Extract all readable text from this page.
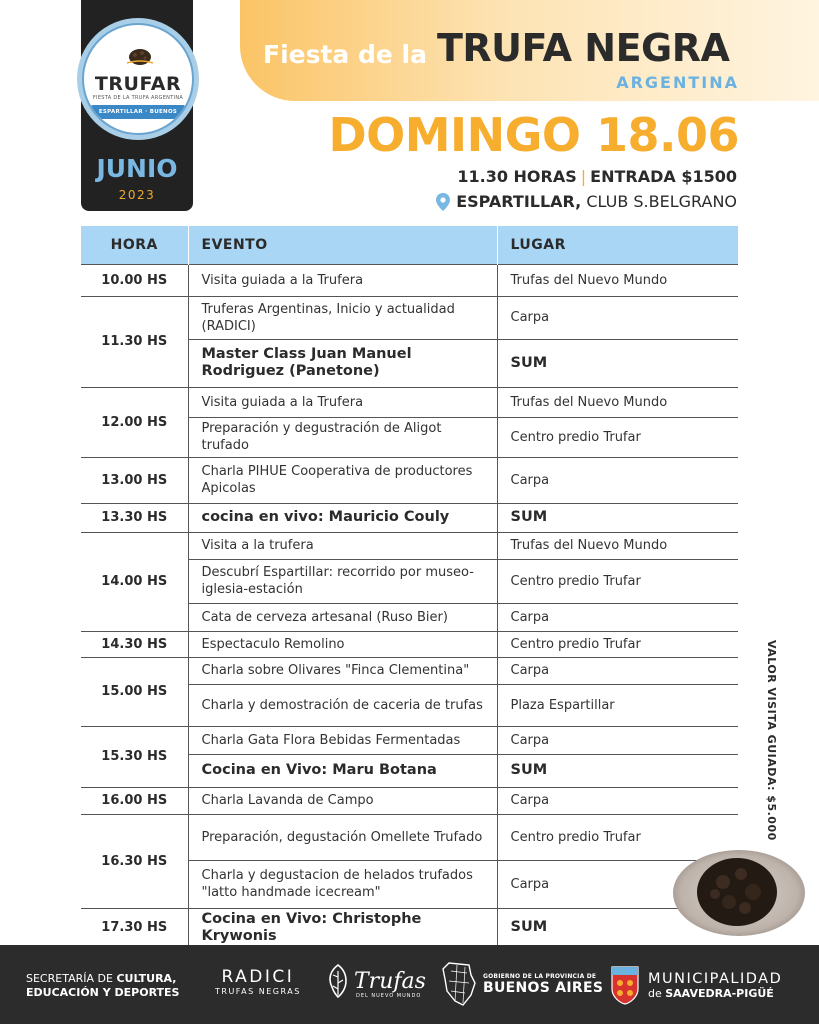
TRUFAR
FIESTA DE LA TRUFA ARGENTINA
ESPARTILLAR · BUENOS AIRES
JUNIO
2023
Fiesta de la TRUFA NEGRA
ARGENTINA
DOMINGO 18.06
11.30 HORAS | ENTRADA $1500
ESPARTILLAR, CLUB S.BELGRANO
HORA	EVENTO	LUGAR
10.00 HS	Visita guiada a la Trufera	Trufas del Nuevo Mundo
11.30 HS	Truferas Argentinas, Inicio y actualidad (RADICI)	Carpa
	Master Class Juan Manuel Rodriguez (Panetone)	SUM
12.00 HS	Visita guiada a la Trufera	Trufas del Nuevo Mundo
	Preparación y degustración de Aligot trufado	Centro predio Trufar
13.00 HS	Charla PIHUE Cooperativa de productores Apicolas	Carpa
13.30 HS	cocina en vivo: Mauricio Couly	SUM
14.00 HS	Visita a la trufera	Trufas del Nuevo Mundo
	Descubrí Espartillar: recorrido por museo-iglesia-estación	Centro predio Trufar
	Cata de cerveza artesanal (Ruso Bier)	Carpa
14.30 HS	Espectaculo Remolino	Centro predio Trufar
15.00 HS	Charla sobre Olivares "Finca Clementina"	Carpa
	Charla y demostración de caceria de trufas	Plaza Espartillar
15.30 HS	Charla Gata Flora Bebidas Fermentadas	Carpa
	Cocina en Vivo: Maru Botana	SUM
16.00 HS	Charla Lavanda de Campo	Carpa
16.30 HS	Preparación, degustación Omellete Trufado	Centro predio Trufar
	Charla y degustacion de helados trufados "latto handmade icecream"	Carpa
17.30 HS	Cocina en Vivo: Christophe Krywonis	SUM
VALOR VISITA GUIADA: $5.000
SECRETARÍA DE CULTURA,
EDUCACIÓN Y DEPORTES
RADICI
TRUFAS NEGRAS Trufas
DEL NUEVO MUNDO
GOBIERNO DE LA PROVINCIA DE
BUENOS AIRES
MUNICIPALIDAD
de SAAVEDRA-PIGÜÉ
